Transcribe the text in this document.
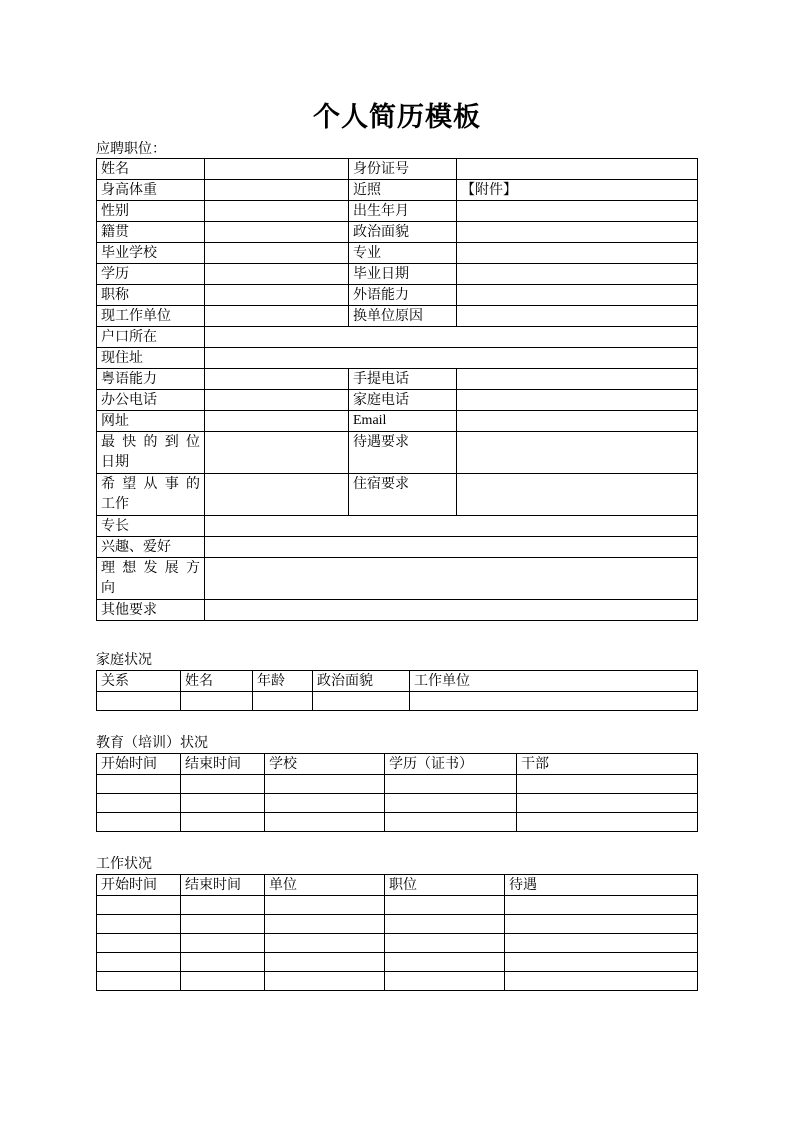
个人简历模板
应聘职位：
姓名		身份证号	
身高体重		近照	【附件】
性别		出生年月	
籍贯		政治面貌	
毕业学校		专业	
学历		毕业日期	
职称		外语能力	
现工作单位		换单位原因	
户口所在			
现住址			
粤语能力		手提电话	
办公电话		家庭电话	
网址		Email	

最快的到位
日期		待遇要求	

希望从事的
工作		住宿要求	
专长			
兴趣、爱好			

理想发展方
向			

其他要求			
家庭状况
关系	姓名	年龄	政治面貌	工作单位

教育（培训）状况
开始时间	结束时间	学校	学历（证书）	干部

工作状况
开始时间	结束时间	单位	职位	待遇
